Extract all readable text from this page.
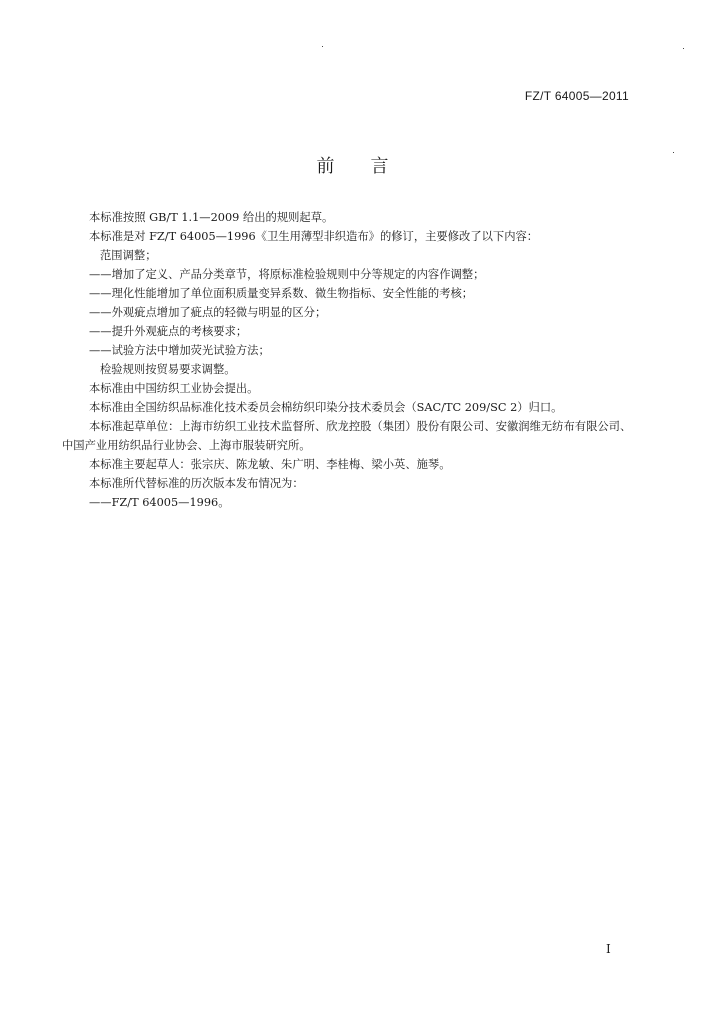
FZ/T 64005—2011
前言
本标准按照 GB/T 1.1—2009 给出的规则起草。
本标准是对 FZ/T 64005—1996《卫生用薄型非织造布》的修订，主要修改了以下内容：
范围调整；
——增加了定义、产品分类章节，将原标准检验规则中分等规定的内容作调整；
——理化性能增加了单位面积质量变异系数、微生物指标、安全性能的考核；
——外观疵点增加了疵点的轻微与明显的区分；
——提升外观疵点的考核要求；
——试验方法中增加荧光试验方法；
检验规则按贸易要求调整。
本标准由中国纺织工业协会提出。
本标准由全国纺织品标准化技术委员会棉纺织印染分技术委员会（SAC/TC 209/SC 2）归口。
本标准起草单位：上海市纺织工业技术监督所、欣龙控股（集团）股份有限公司、安徽润维无纺布有限公司、中国产业用纺织品行业协会、上海市服装研究所。
本标准主要起草人：张宗庆、陈龙敏、朱广明、李桂梅、梁小英、施琴。
本标准所代替标准的历次版本发布情况为：
——FZ/T 64005—1996。
I
